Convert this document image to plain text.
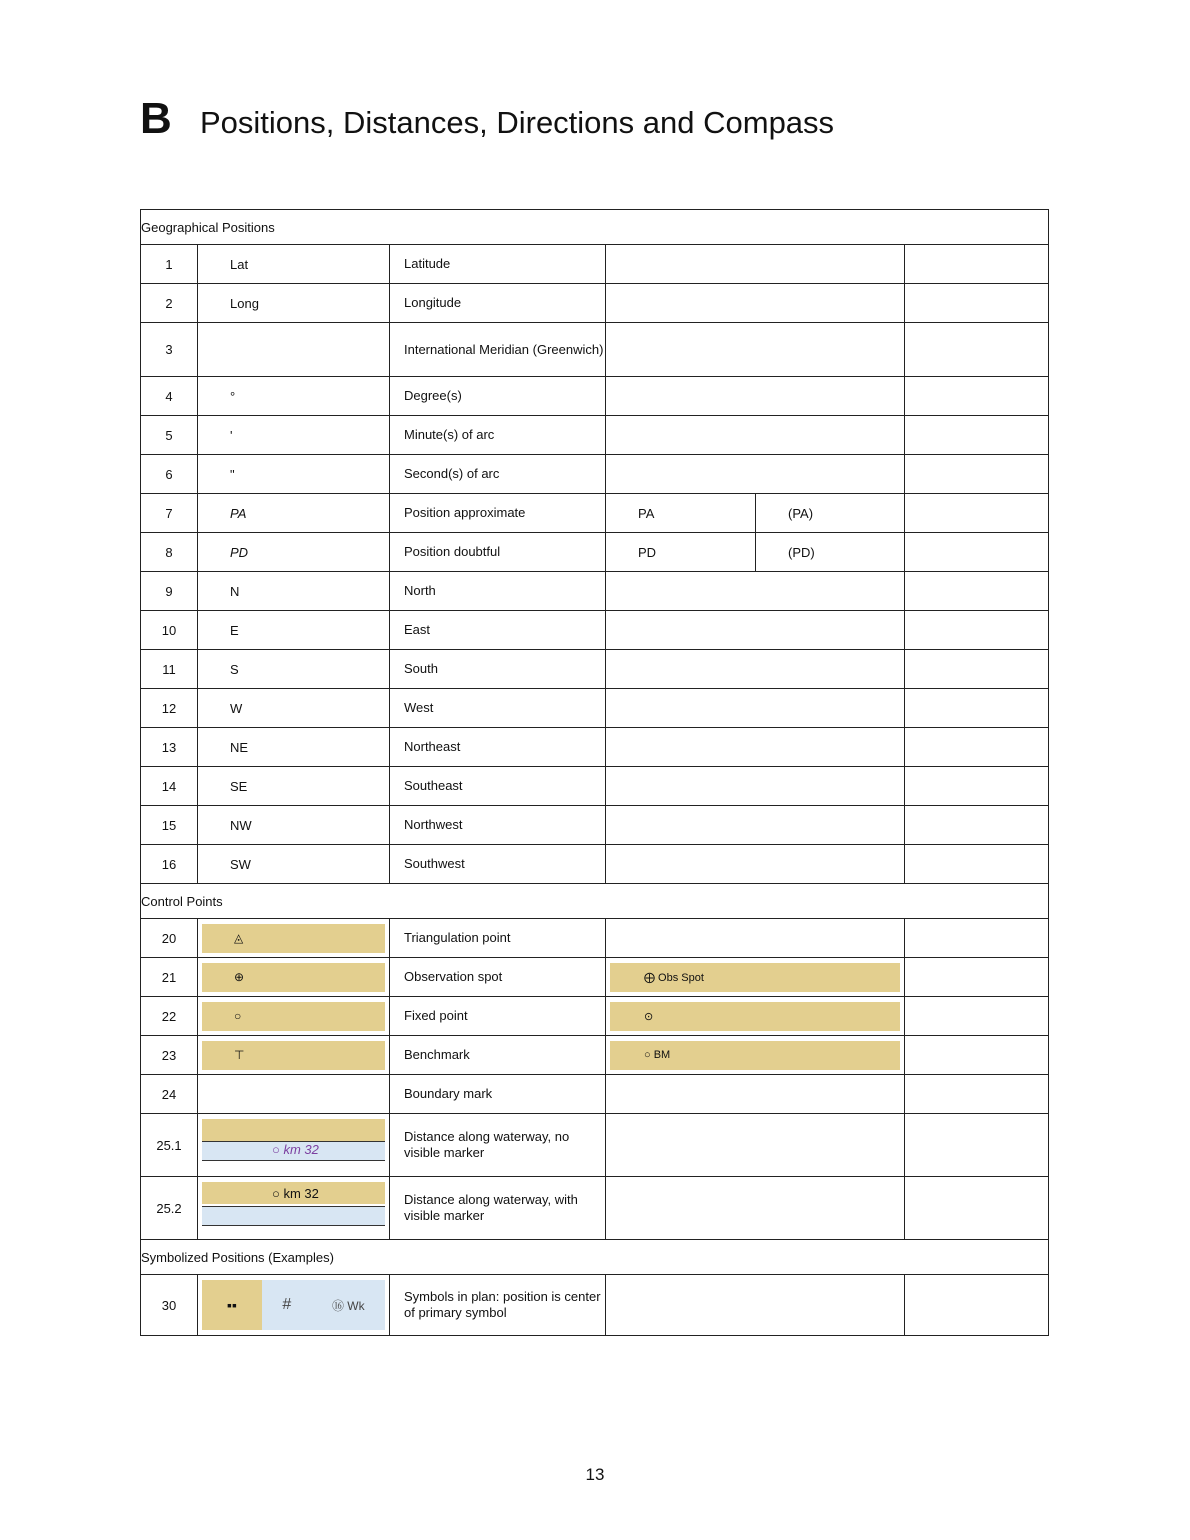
B Positions, Distances, Directions and Compass
Geographical Positions					
1	Lat	Latitude			
2	Long	Longitude			
3		International Meridian (Greenwich)			
4	°	Degree(s)			
5	'	Minute(s) of arc			
6	"	Second(s) of arc			
7	PA	Position approximate	PA	(PA)	
8	PD	Position doubtful	PD	(PD)	
9	N	North			
10	E	East			
11	S	South			
12	W	West			
13	NE	Northeast			
14	SE	Southeast			
15	NW	Northwest			
16	SW	Southwest			
Control Points					
20	◬	Triangulation point			
21	⊕	Observation spot	⨁ Obs Spot		

22	○	Fixed point	⊙		

23	⊤	Benchmark	○ BM		

24		Boundary mark			
25.1	○ km 32	Distance along waterway, no visible marker			
25.2	○ km 32	Distance along waterway, with visible marker			
Symbolized Positions (Examples)					
30	▪▪ # ⑯ Wk	Symbols in plan: position is center of primary symbol			
13
